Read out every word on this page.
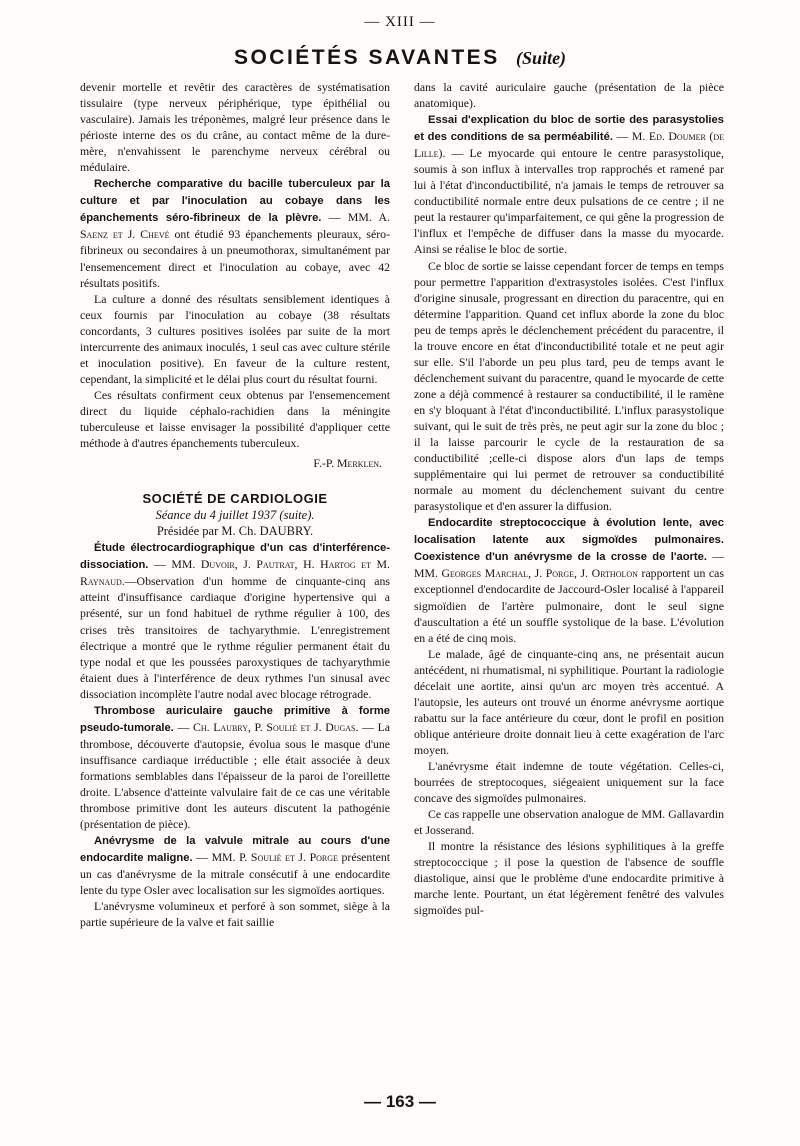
— XIII —
SOCIÉTÉS SAVANTES (Suite)

devenir mortelle et revêtir des caractères de systématisation tissulaire (type nerveux périphérique, type épithélial ou vasculaire). Jamais les tréponèmes, malgré leur présence dans le périoste interne des os du crâne, au contact même de la dure-mère, n'envahissent le parenchyme nerveux cérébral ou médulaire.

Recherche comparative du bacille tuberculeux par la culture et par l'inoculation au cobaye dans les épanchements séro-fibrineux de la plèvre. — MM. A. Saenz et J. Chevé ont étudié 93 épanchements pleuraux, séro-fibrineux ou secondaires à un pneumothorax, simultanément par l'ensemencement direct et l'inoculation au cobaye, avec 42 résultats positifs.

La culture a donné des résultats sensiblement identiques à ceux fournis par l'inoculation au cobaye (38 résultats concordants, 3 cultures positives isolées par suite de la mort intercurrente des animaux inoculés, 1 seul cas avec culture stérile et inoculation positive). En faveur de la culture restent, cependant, la simplicité et le délai plus court du résultat fourni.

Ces résultats confirment ceux obtenus par l'ensemencement direct du liquide céphalo-rachidien dans la méningite tuberculeuse et laisse envisager la possibilité d'appliquer cette méthode à d'autres épanchements tuberculeux.

F.-P. Merklen.

SOCIÉTÉ DE CARDIOLOGIE

Séance du 4 juillet 1937 (suite).

Présidée par M. Ch. DAUBRY.

Étude électrocardiographique d'un cas d'interférence-dissociation. — MM. Duvoir, J. Pautrat, H. Hartog et M. Raynaud.—Observation d'un homme de cinquante-cinq ans atteint d'insuffisance cardiaque d'origine hypertensive qui a présenté, sur un fond habituel de rythme régulier à 100, des crises très transitoires de tachyarythmie. L'enregistrement électrique a montré que le rythme régulier permanent était du type nodal et que les poussées paroxystiques de tachyarythmie étaient dues à l'interférence de deux rythmes l'un sinusal avec dissociation incomplète l'autre nodal avec blocage rétrograde.

Thrombose auriculaire gauche primitive à forme pseudo-tumorale. — Ch. Laubry, P. Soulié et J. Dugas. — La thrombose, découverte d'autopsie, évolua sous le masque d'une insuffisance cardiaque irréductible ; elle était associée à deux formations semblables dans l'épaisseur de la paroi de l'oreillette droite. L'absence d'atteinte valvulaire fait de ce cas une véritable thrombose primitive dont les auteurs discutent la pathogénie (présentation de pièce).

Anévrysme de la valvule mitrale au cours d'une endocardite maligne. — MM. P. Soulié et J. Porge présentent un cas d'anévrysme de la mitrale consécutif à une endocardite lente du type Osler avec localisation sur les sigmoïdes aortiques.

L'anévrysme volumineux et perforé à son sommet, siège à la partie supérieure de la valve et fait saillie

dans la cavité auriculaire gauche (présentation de la pièce anatomique).

Essai d'explication du bloc de sortie des parasystolies et des conditions de sa perméabilité. — M. Ed. Doumer (de Lille). — Le myocarde qui entoure le centre parasystolique, soumis à son influx à intervalles trop rapprochés et ramené par lui à l'état d'inconductibilité, n'a jamais le temps de retrouver sa conductibilité normale entre deux pulsations de ce centre ; il ne peut la restaurer qu'imparfaitement, ce qui gêne la progression de l'influx et l'empêche de diffuser dans la masse du myocarde. Ainsi se réalise le bloc de sortie.

Ce bloc de sortie se laisse cependant forcer de temps en temps pour permettre l'apparition d'extrasystoles isolées. C'est l'influx d'origine sinusale, progressant en direction du paracentre, qui en détermine l'apparition. Quand cet influx aborde la zone du bloc peu de temps après le déclenchement précédent du paracentre, il la trouve encore en état d'inconductibilité totale et ne peut agir sur elle. S'il l'aborde un peu plus tard, peu de temps avant le déclenchement suivant du paracentre, quand le myocarde de cette zone a déjà commencé à restaurer sa conductibilité, il le ramène en s'y bloquant à l'état d'inconductibilité. L'influx parasystolique suivant, qui le suit de très près, ne peut agir sur la zone du bloc ; il la laisse parcourir le cycle de la restauration de sa conductibilité ;celle-ci dispose alors d'un laps de temps supplémentaire qui lui permet de retrouver sa conductibilité normale au moment du déclenchement suivant du centre parasystolique et d'en assurer la diffusion.

Endocardite streptococcique à évolution lente, avec localisation latente aux sigmoïdes pulmonaires. Coexistence d'un anévrysme de la crosse de l'aorte. — MM. Georges Marchal, J. Porge, J. Ortholon rapportent un cas exceptionnel d'endocardite de Jaccourd-Osler localisé à l'appareil sigmoïdien de l'artère pulmonaire, dont le seul signe d'auscultation a été un souffle systolique de la base. L'évolution en a été de cinq mois.

Le malade, âgé de cinquante-cinq ans, ne présentait aucun antécédent, ni rhumatismal, ni syphilitique. Pourtant la radiologie décelait une aortite, ainsi qu'un arc moyen très accentué. A l'autopsie, les auteurs ont trouvé un énorme anévrysme aortique rabattu sur la face antérieure du cœur, dont le profil en position oblique antérieure droite donnait lieu à cette exagération de l'arc moyen.

L'anévrysme était indemne de toute végétation. Celles-ci, bourrées de streptocoques, siégeaient uniquement sur la face concave des sigmoïdes pulmonaires.

Ce cas rappelle une observation analogue de MM. Gallavardin et Josserand.

Il montre la résistance des lésions syphilitiques à la greffe streptococcique ; il pose la question de l'absence de souffle diastolique, ainsi que le problème d'une endocardite primitive à marche lente. Pourtant, un état légèrement fenêtré des valvules sigmoïdes pul-

— 163 —
